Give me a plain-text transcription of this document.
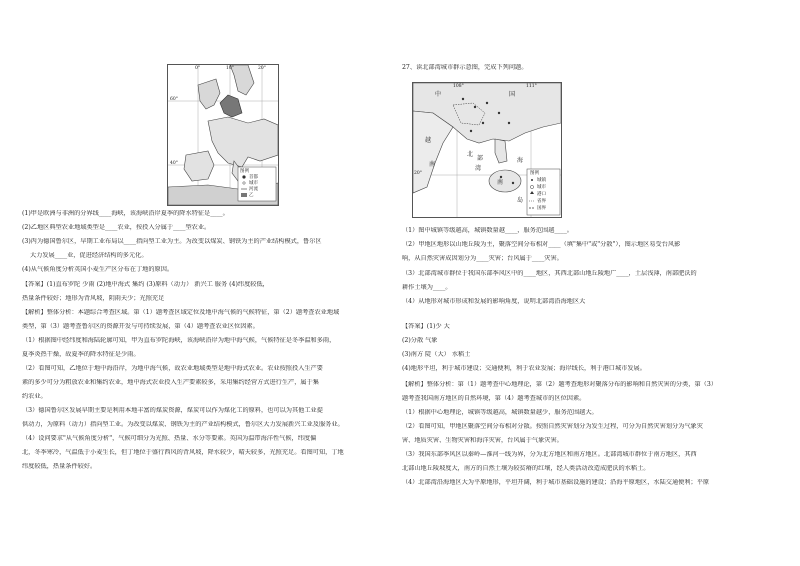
60°
40°
0°	10°	20°
图例
首都
城市
河流
乙
(1)甲是欧洲与非洲的分界线____海峡，该海峡沿岸夏季的降水特征是____。
(2)乙地区典型农业地域类型是____农业，按投入分属于____型农业。
(3)丙为德国鲁尔区，早期工业布局以____指向型工业为主。为改变以煤炭、钢铁为主的产业结构模式，鲁尔区
大力发展____业，促进经济结构的多元化。
(4)从气候角度分析英国小麦生产区分布在丁地的原因。
【答案】(1)直布罗陀 少雨 (2)地中海式 集约 (3)原料（动力） 新兴工 服务 (4)纬度较低，
热量条件较好；地形为背风坡，阴雨天少；光照充足
【解析】整体分析：本题综合考查区域。第（1）题考查区域定位及地中海气候的气候特征，第（2）题考查农业地域
类型，第（3）题考查鲁尔区的资源开发与可持续发展，第（4）题考查农业区位因素。
（1）根据图中经纬度和海陆轮廓可知，甲为直布罗陀海峡，该海峡沿岸为地中海气候，气候特征是冬季温和多雨，
夏季炎热干燥，故夏季的降水特征是少雨。
（2）看图可知，乙地位于地中海沿岸，为地中海气候，故农业地域类型是地中海式农业。农业按照投入生产要
素的多少可分为粗放农业和集约农业，地中海式农业投入生产要素较多，采用集约经营方式进行生产，属于集
约农业。
（3）德国鲁尔区发展早期主要是利用本地丰富的煤炭资源，煤炭可以作为煤化工的原料，也可以为其他工业提
供动力，为原料（动力）指向型工业。为改变以煤炭、钢铁为主的产业结构模式，鲁尔区大力发展新兴工业及服务业。
（4）设问要求"从气候角度分析"，气候可细分为光照、热量、水分等要素。英国为温带海洋性气候，纬度偏
北，冬季寒冷，气温低于小麦生长，但丁地位于盛行西风的背风坡，降水较少，晴天较多，光照充足。看图可知，丁地
纬度较低，热量条件较好。
27、读北部湾城市群示意图，完成下列问题。
108°	111°
20°
中	国
越
南
北
部
湾
海
南
岛
图例
城镇
城市
港口
省界
国界
（1）图中城镇等级越高，城镇数量越____，服务范围越____。
（2）甲地区地形以山地丘陵为主，聚落空间分布相对____（填"集中"或"分散"），图示地区易受台风影
响，从自然灾害成因划分为____灾害；台风属于____灾害。
（3）北部湾城市群位于我国东部季风区中的____地区，其西北部山地丘陵地广____，土层浅薄，南部肥沃的
耕作土壤为____。
（4）从地形对城市形成和发展的影响角度，说明北部湾沿海地区大
【答案】(1)少 大
(2)分散 气象
(3)南方 陡（大） 水稻土
(4)地形平坦，利于城市建设；交通便利，利于农业发展；海岸线长，利于港口城市发展。
【解析】整体分析：第（1）题考查中心地理论，第（2）题考查地形对聚落分布的影响和自然灾害的分类，第（3）
题考查我国南方地区的自然环境，第（4）题考查城市的区位因素。
（1）根据中心地理论，城镇等级越高，城镇数量越少，服务范围越大。
（2）看图可知，甲地区聚落空间分布相对分散。按照自然灾害划分为发生过程，可分为自然灾害划分为气象灾
害、地质灾害、生物灾害和海洋灾害，台风属于气象灾害。
（3）我国东部季风区以秦岭—淮河一线为界，分为北方地区和南方地区。北部湾城市群位于南方地区，其西
北部山地丘陵坡度大，南方的自然土壤为较贫瘠的红壤，经人类活动改造成肥沃的水稻土。
（4）北部湾沿海地区大为平原地形，平坦开阔，利于城市基础设施的建设；沿海平原地区，水陆交通便利；平原
